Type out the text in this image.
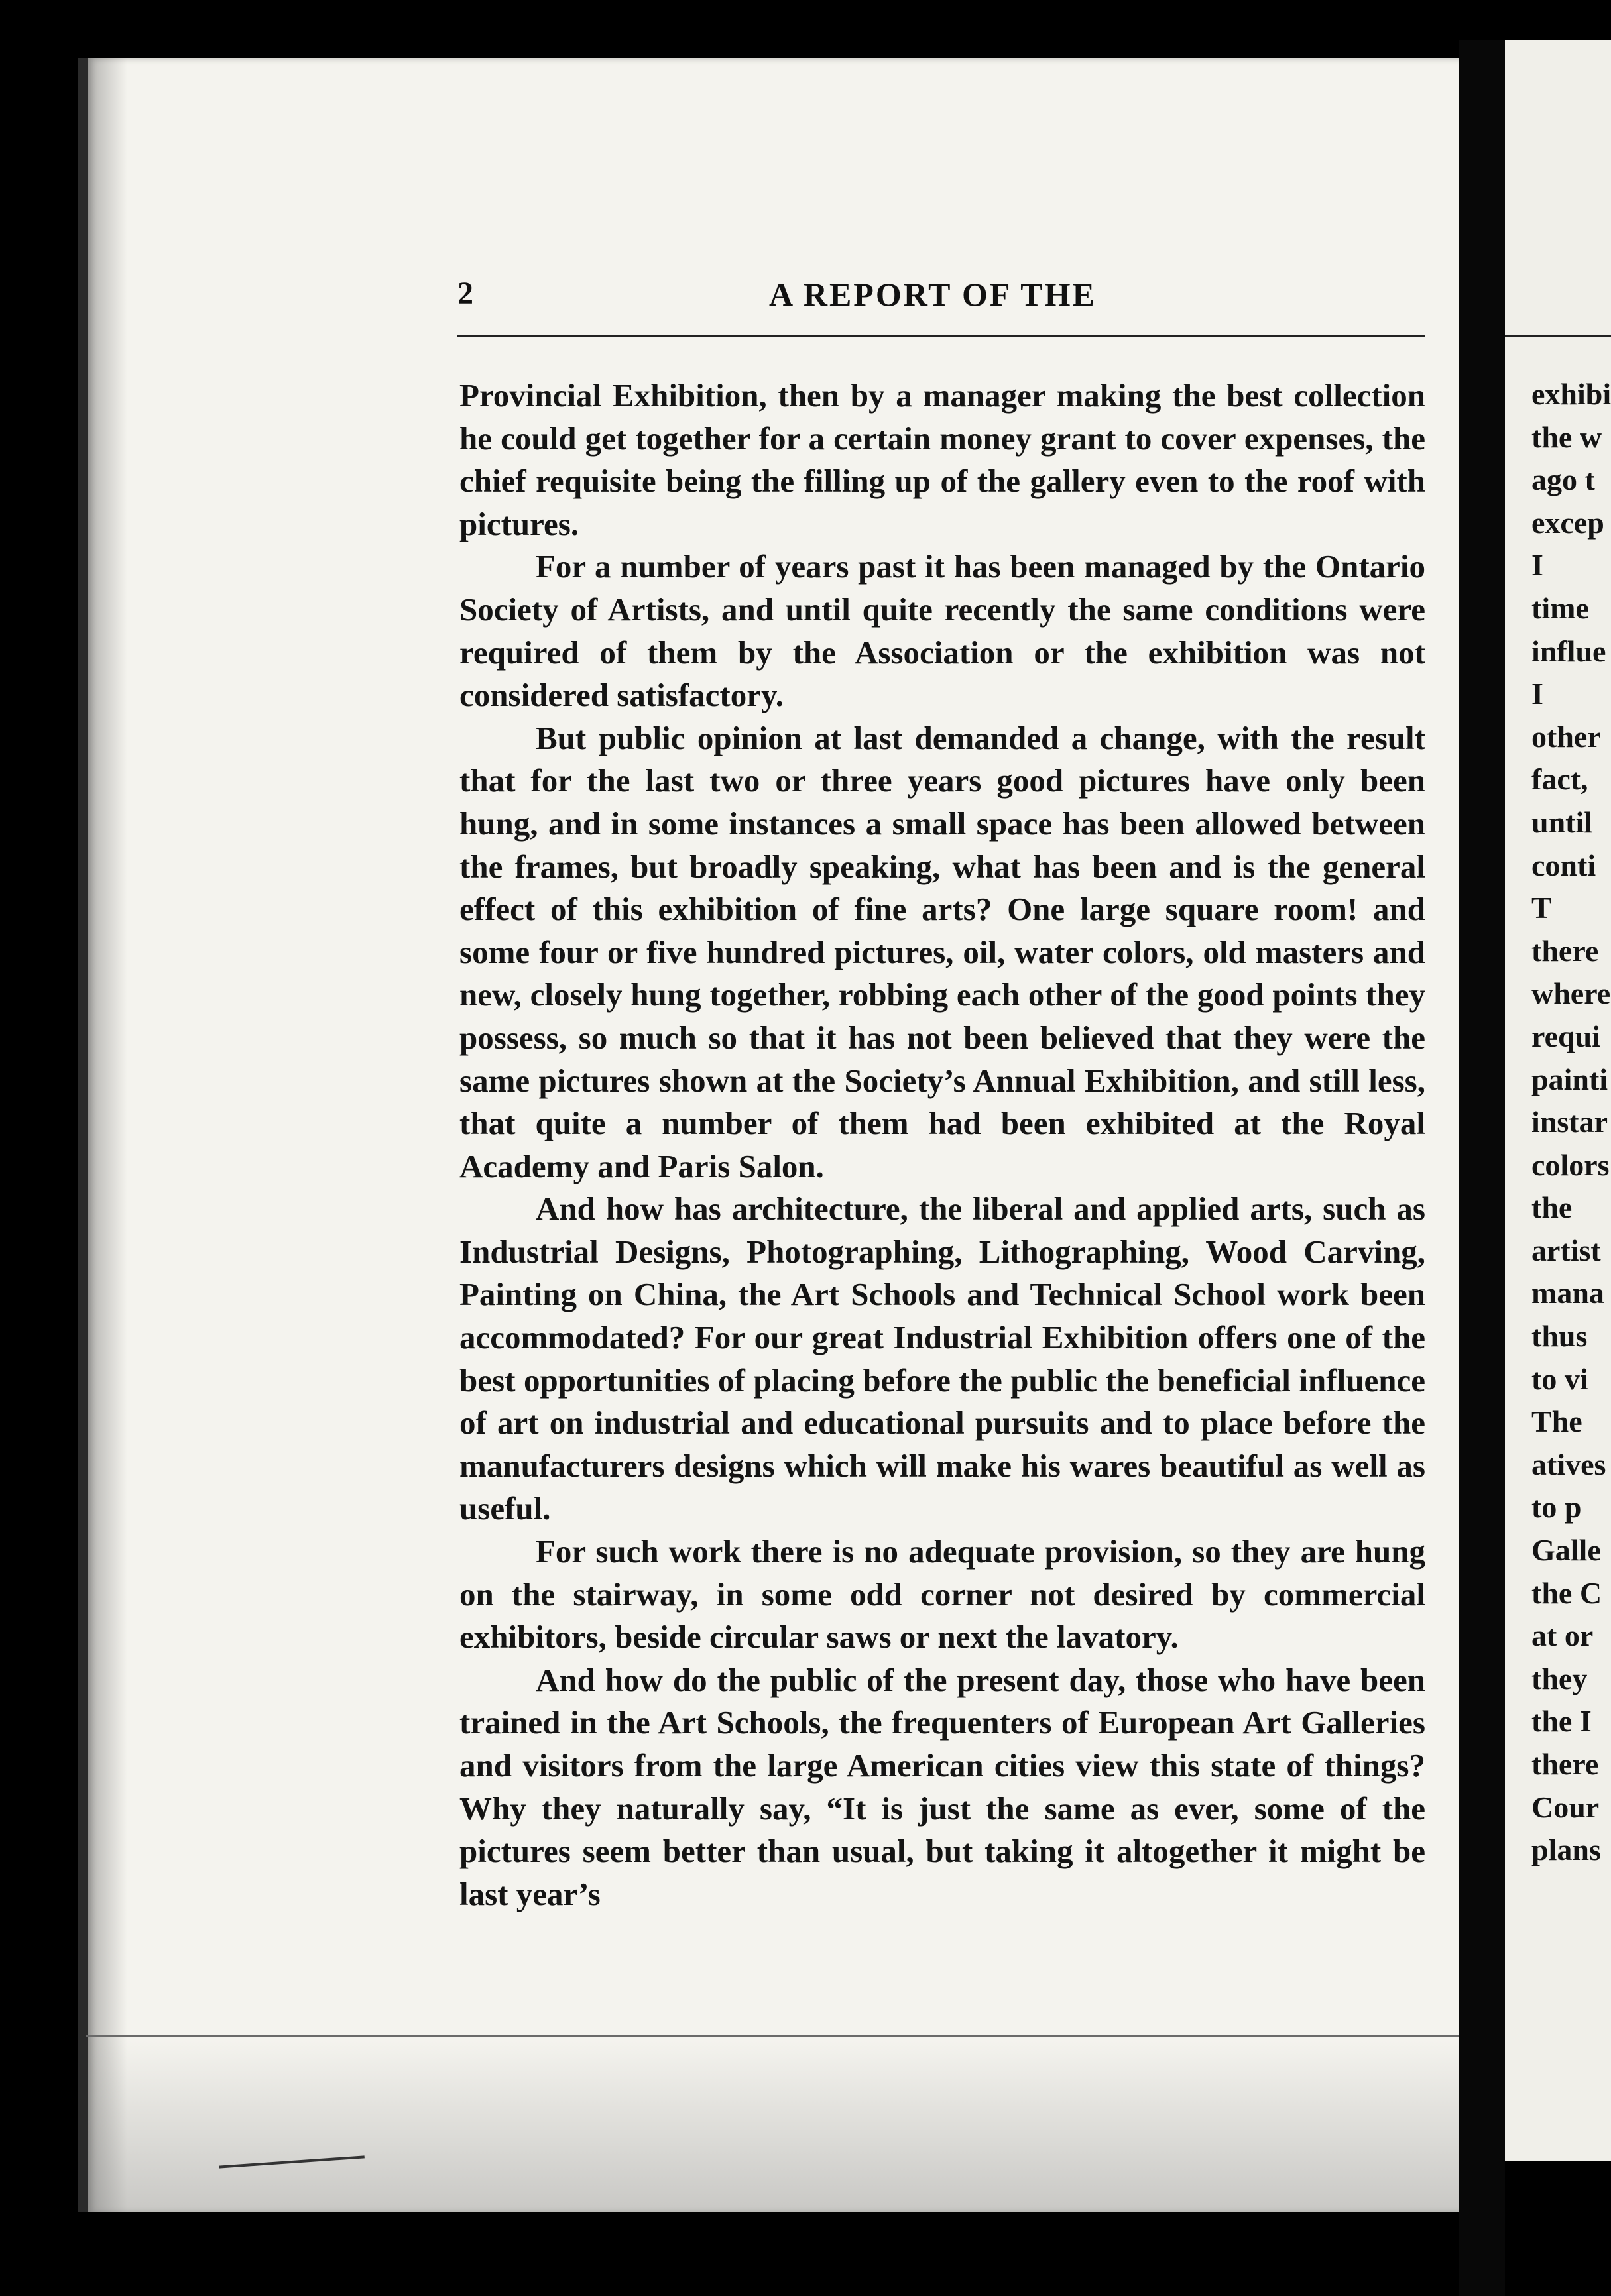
2	A REPORT OF THE

Provincial Exhibition, then by a manager making the best collection he could get together for a certain money grant to cover expenses, the chief requisite being the filling up of the gallery even to the roof with pictures.

For a number of years past it has been managed by the Ontario Society of Artists, and until quite recently the same conditions were required of them by the Association or the exhibition was not considered satisfactory.

But public opinion at last demanded a change, with the result that for the last two or three years good pictures have only been hung, and in some instances a small space has been allowed between the frames, but broadly speaking, what has been and is the general effect of this exhibition of fine arts? One large square room! and some four or five hundred pictures, oil, water colors, old masters and new, closely hung together, robbing each other of the good points they possess, so much so that it has not been believed that they were the same pictures shown at the Society’s Annual Exhibition, and still less, that quite a number of them had been exhibited at the Royal Academy and Paris Salon.

And how has architecture, the liberal and applied arts, such as Industrial Designs, Photographing, Lithographing, Wood Carving, Painting on China, the Art Schools and Technical School work been accommodated? For our great Industrial Exhibition offers one of the best opportunities of placing before the public the beneficial influence of art on industrial and educational pursuits and to place before the manufacturers designs which will make his wares beautiful as well as useful.

For such work there is no adequate provision, so they are hung on the stairway, in some odd corner not desired by commercial exhibitors, beside circular saws or next the lavatory.

And how do the public of the present day, those who have been trained in the Art Schools, the frequenters of European Art Galleries and visitors from the large American cities view this state of things? Why they naturally say, “It is just the same as ever, some of the pictures seem better than usual, but taking it altogether it might be last year’s

exhibi
the w
ago t
excep
I
time
influe
I
other
fact,
until
conti
T
there
where
requi
painti
instar
colors
the
artist
mana
thus
to vi
The
atives
to p
Galle
the C
at or
they
the I
there
Cour
plans
